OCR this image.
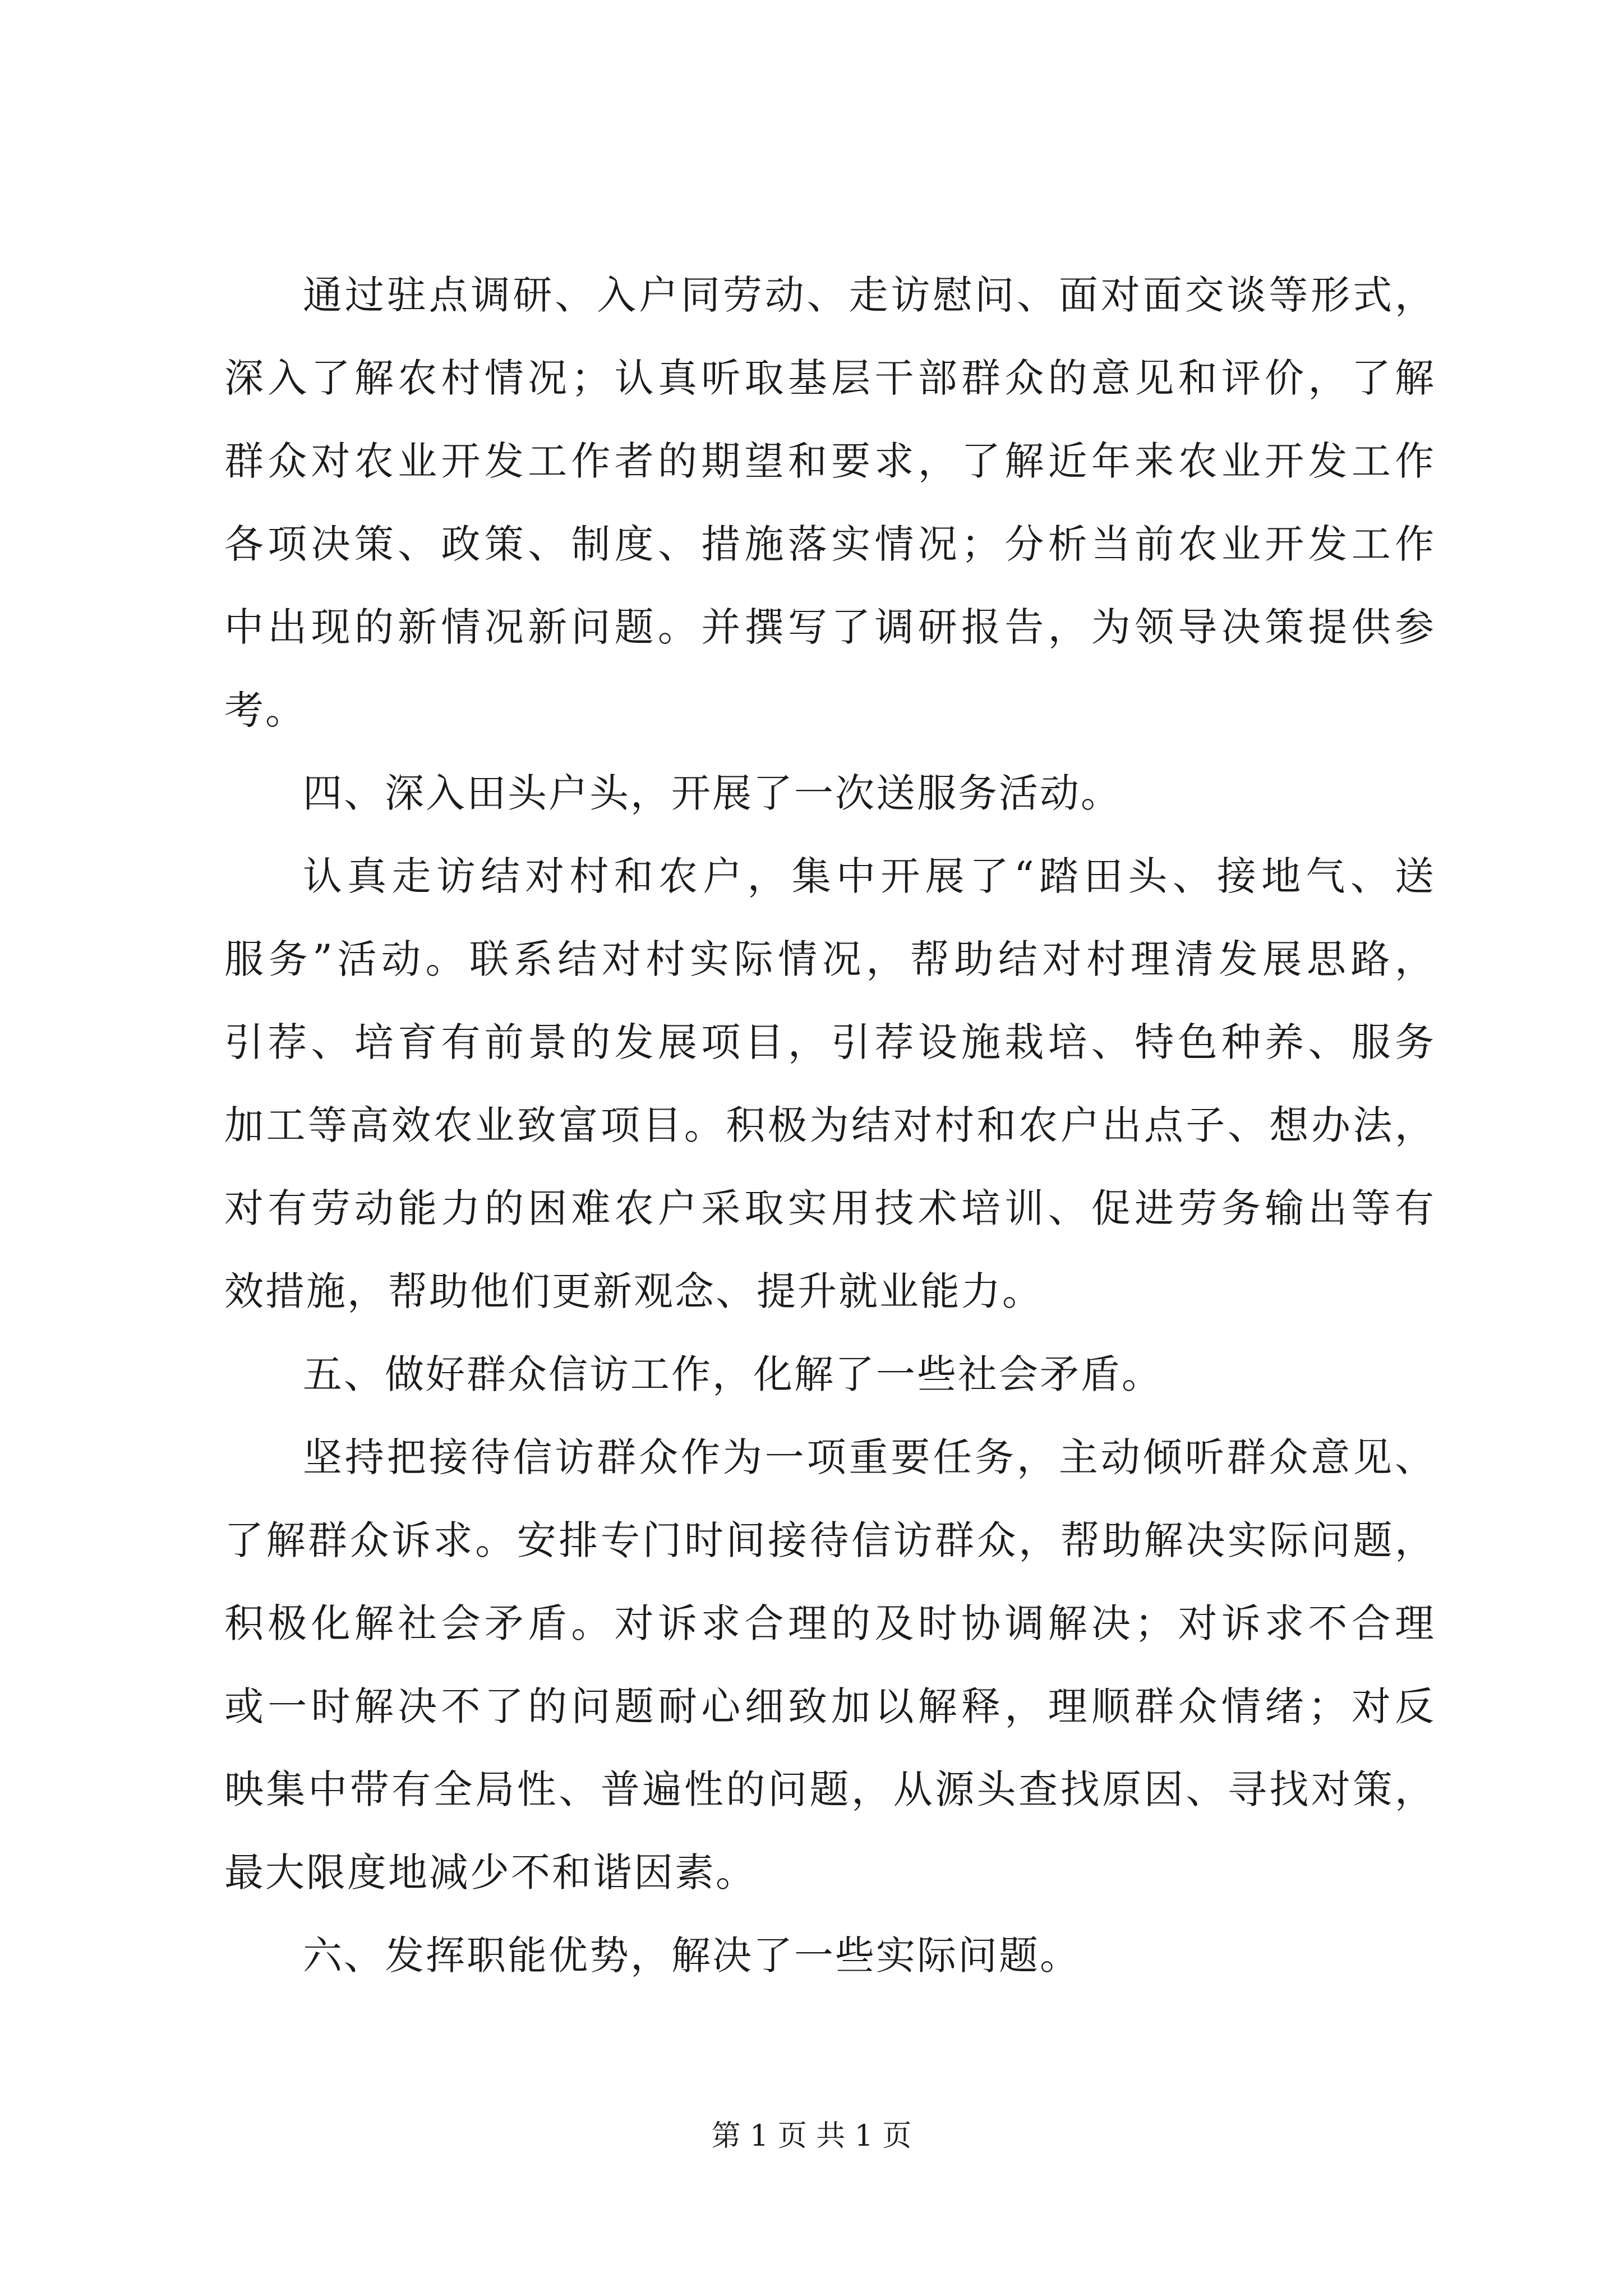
通过驻点调研、入户同劳动、走访慰问、面对面交谈等形式，
深入了解农村情况；认真听取基层干部群众的意见和评价，了解
群众对农业开发工作者的期望和要求，了解近年来农业开发工作
各项决策、政策、制度、措施落实情况；分析当前农业开发工作
中出现的新情况新问题。并撰写了调研报告，为领导决策提供参
考。
四、深入田头户头，开展了一次送服务活动。
认真走访结对村和农户，集中开展了“踏田头、接地气、送
服务”活动。联系结对村实际情况，帮助结对村理清发展思路，
引荐、培育有前景的发展项目，引荐设施栽培、特色种养、服务
加工等高效农业致富项目。积极为结对村和农户出点子、想办法，
对有劳动能力的困难农户采取实用技术培训、促进劳务输出等有
效措施，帮助他们更新观念、提升就业能力。
五、做好群众信访工作，化解了一些社会矛盾。
坚持把接待信访群众作为一项重要任务，主动倾听群众意见、
了解群众诉求。安排专门时间接待信访群众，帮助解决实际问题，
积极化解社会矛盾。对诉求合理的及时协调解决；对诉求不合理
或一时解决不了的问题耐心细致加以解释，理顺群众情绪；对反
映集中带有全局性、普遍性的问题，从源头查找原因、寻找对策，
最大限度地减少不和谐因素。
六、发挥职能优势，解决了一些实际问题。
第 1 页 共 1 页
